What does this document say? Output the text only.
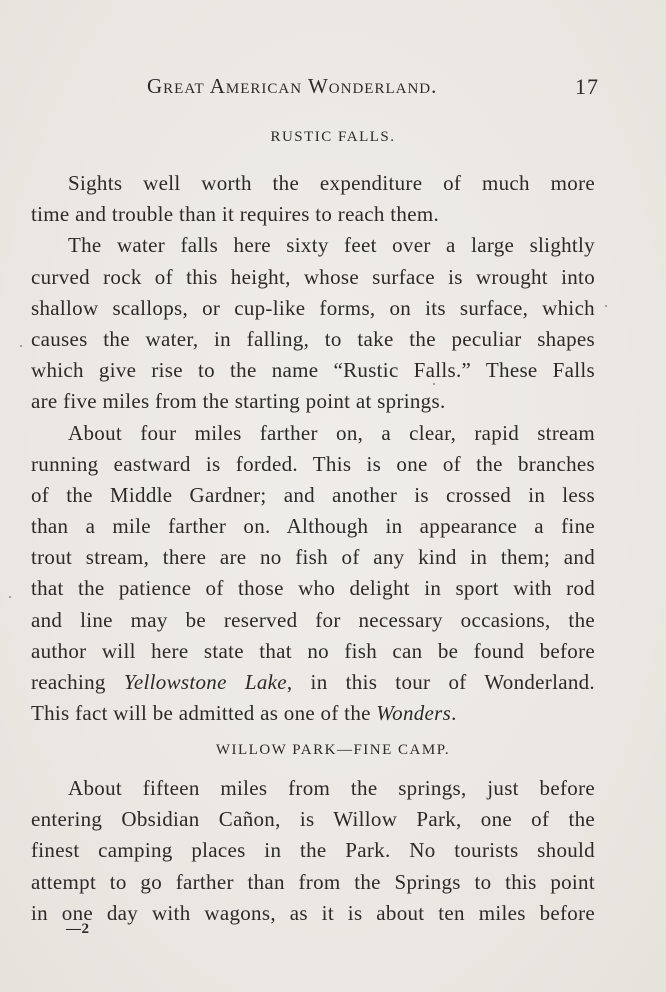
Great American Wonderland.	17
RUSTIC FALLS.
Sights well worth the expenditure of much more
time and trouble than it requires to reach them.
The water falls here sixty feet over a large slightly
curved rock of this height, whose surface is wrought into
shallow scallops, or cup-like forms, on its surface, which
causes the water, in falling, to take the peculiar shapes
which give rise to the name “Rustic Falls.” These Falls
are five miles from the starting point at springs.
About four miles farther on, a clear, rapid stream
running eastward is forded. This is one of the branches
of the Middle Gardner; and another is crossed in less
than a mile farther on. Although in appearance a fine
trout stream, there are no fish of any kind in them; and
that the patience of those who delight in sport with rod
and line may be reserved for necessary occasions, the
author will here state that no fish can be found before
reaching Yellowstone Lake, in this tour of Wonderland.
This fact will be admitted as one of the Wonders.
WILLOW PARK—FINE CAMP.
About fifteen miles from the springs, just before
entering Obsidian Cañon, is Willow Park, one of the
finest camping places in the Park. No tourists should
attempt to go farther than from the Springs to this point
in one day with wagons, as it is about ten miles before
—2
